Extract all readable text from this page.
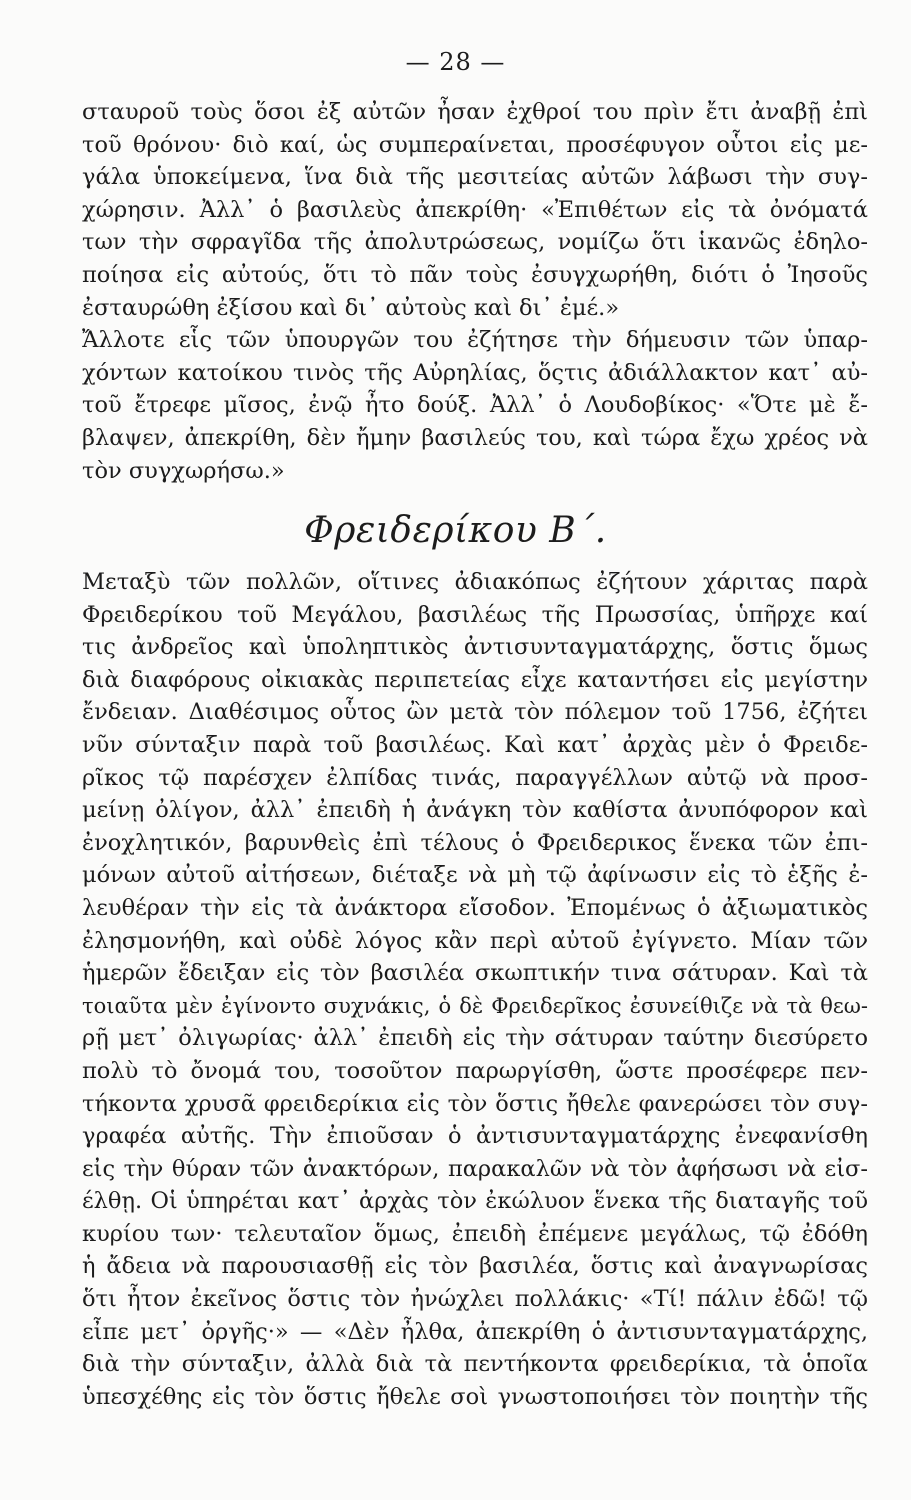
— 28 —
σταυροῦ τοὺς ὅσοι ἐξ αὐτῶν ἦσαν ἐχθροί του πρὶν ἔτι ἀναβῇ ἐπὶ
τοῦ θρόνου· διὸ καί, ὡς συμπεραίνεται, προσέφυγον οὗτοι εἰς με-
γάλα ὑποκείμενα, ἵνα διὰ τῆς μεσιτείας αὐτῶν λάβωσι τὴν συγ-
χώρησιν. Ἀλλ᾽ ὁ βασιλεὺς ἀπεκρίθη· «Ἐπιθέτων εἰς τὰ ὀνόματά
των τὴν σφραγῖδα τῆς ἀπολυτρώσεως, νομίζω ὅτι ἱκανῶς ἐδηλο-
ποίησα εἰς αὐτούς, ὅτι τὸ πᾶν τοὺς ἐσυγχωρήθη, διότι ὁ Ἰησοῦς
ἐσταυρώθη ἐξίσου καὶ δι᾽ αὐτοὺς καὶ δι᾽ ἐμέ.»
Ἄλλοτε εἷς τῶν ὑπουργῶν του ἐζήτησε τὴν δήμευσιν τῶν ὑπαρ-
χόντων κατοίκου τινὸς τῆς Αὐρηλίας, ὅςτις ἀδιάλλακτον κατ᾽ αὐ-
τοῦ ἔτρεφε μῖσος, ἐνῷ ἦτο δούξ. Ἀλλ᾽ ὁ Λουδοβίκος· «Ὅτε μὲ ἔ-
βλαψεν, ἀπεκρίθη, δὲν ἤμην βασιλεύς του, καὶ τώρα ἔχω χρέος νὰ
τὸν συγχωρήσω.»
Φρειδερίκου Β΄.
Μεταξὺ τῶν πολλῶν, οἵτινες ἀδιακόπως ἐζήτουν χάριτας παρὰ
Φρειδερίκου τοῦ Μεγάλου, βασιλέως τῆς Πρωσσίας, ὑπῆρχε καί
τις ἀνδρεῖος καὶ ὑποληπτικὸς ἀντισυνταγματάρχης, ὅστις ὅμως
διὰ διαφόρους οἰκιακὰς περιπετείας εἶχε καταντήσει εἰς μεγίστην
ἔνδειαν. Διαθέσιμος οὗτος ὢν μετὰ τὸν πόλεμον τοῦ 1756, ἐζήτει
νῦν σύνταξιν παρὰ τοῦ βασιλέως. Καὶ κατ᾽ ἀρχὰς μὲν ὁ Φρειδε-
ρῖκος τῷ παρέσχεν ἐλπίδας τινάς, παραγγέλλων αὐτῷ νὰ προσ-
μείνῃ ὀλίγον, ἀλλ᾽ ἐπειδὴ ἡ ἀνάγκη τὸν καθίστα ἀνυπόφορον καὶ
ἐνοχλητικόν, βαρυνθεὶς ἐπὶ τέλους ὁ Φρειδερικος ἕνεκα τῶν ἐπι-
μόνων αὐτοῦ αἰτήσεων, διέταξε νὰ μὴ τῷ ἀφίνωσιν εἰς τὸ ἑξῆς ἐ-
λευθέραν τὴν εἰς τὰ ἀνάκτορα εἴσοδον. Ἐπομένως ὁ ἀξιωματικὸς
ἐλησμονήθη, καὶ οὐδὲ λόγος κἂν περὶ αὐτοῦ ἐγίγνετο. Μίαν τῶν
ἡμερῶν ἔδειξαν εἰς τὸν βασιλέα σκωπτικήν τινα σάτυραν. Καὶ τὰ
τοιαῦτα μὲν ἐγίνοντο συχνάκις, ὁ δὲ Φρειδερῖκος ἐσυνείθιζε νὰ τὰ θεω-
ρῇ μετ᾽ ὀλιγωρίας· ἀλλ᾽ ἐπειδὴ εἰς τὴν σάτυραν ταύτην διεσύρετο
πολὺ τὸ ὄνομά του, τοσοῦτον παρωργίσθη, ὥστε προσέφερε πεν-
τήκοντα χρυσᾶ φρειδερίκια εἰς τὸν ὅστις ἤθελε φανερώσει τὸν συγ-
γραφέα αὐτῆς. Τὴν ἐπιοῦσαν ὁ ἀντισυνταγματάρχης ἐνεφανίσθη
εἰς τὴν θύραν τῶν ἀνακτόρων, παρακαλῶν νὰ τὸν ἀφήσωσι νὰ εἰσ-
έλθῃ. Οἱ ὑπηρέται κατ᾽ ἀρχὰς τὸν ἐκώλυον ἕνεκα τῆς διαταγῆς τοῦ
κυρίου των· τελευταῖον ὅμως, ἐπειδὴ ἐπέμενε μεγάλως, τῷ ἐδόθη
ἡ ἄδεια νὰ παρουσιασθῇ εἰς τὸν βασιλέα, ὅστις καὶ ἀναγνωρίσας
ὅτι ἦτον ἐκεῖνος ὅστις τὸν ἠνώχλει πολλάκις· «Τί! πάλιν ἐδῶ! τῷ
εἶπε μετ᾽ ὀργῆς·» — «Δὲν ἦλθα, ἀπεκρίθη ὁ ἀντισυνταγματάρχης,
διὰ τὴν σύνταξιν, ἀλλὰ διὰ τὰ πεντήκοντα φρειδερίκια, τὰ ὁποῖα
ὑπεσχέθης εἰς τὸν ὅστις ἤθελε σοὶ γνωστοποιήσει τὸν ποιητὴν τῆς
